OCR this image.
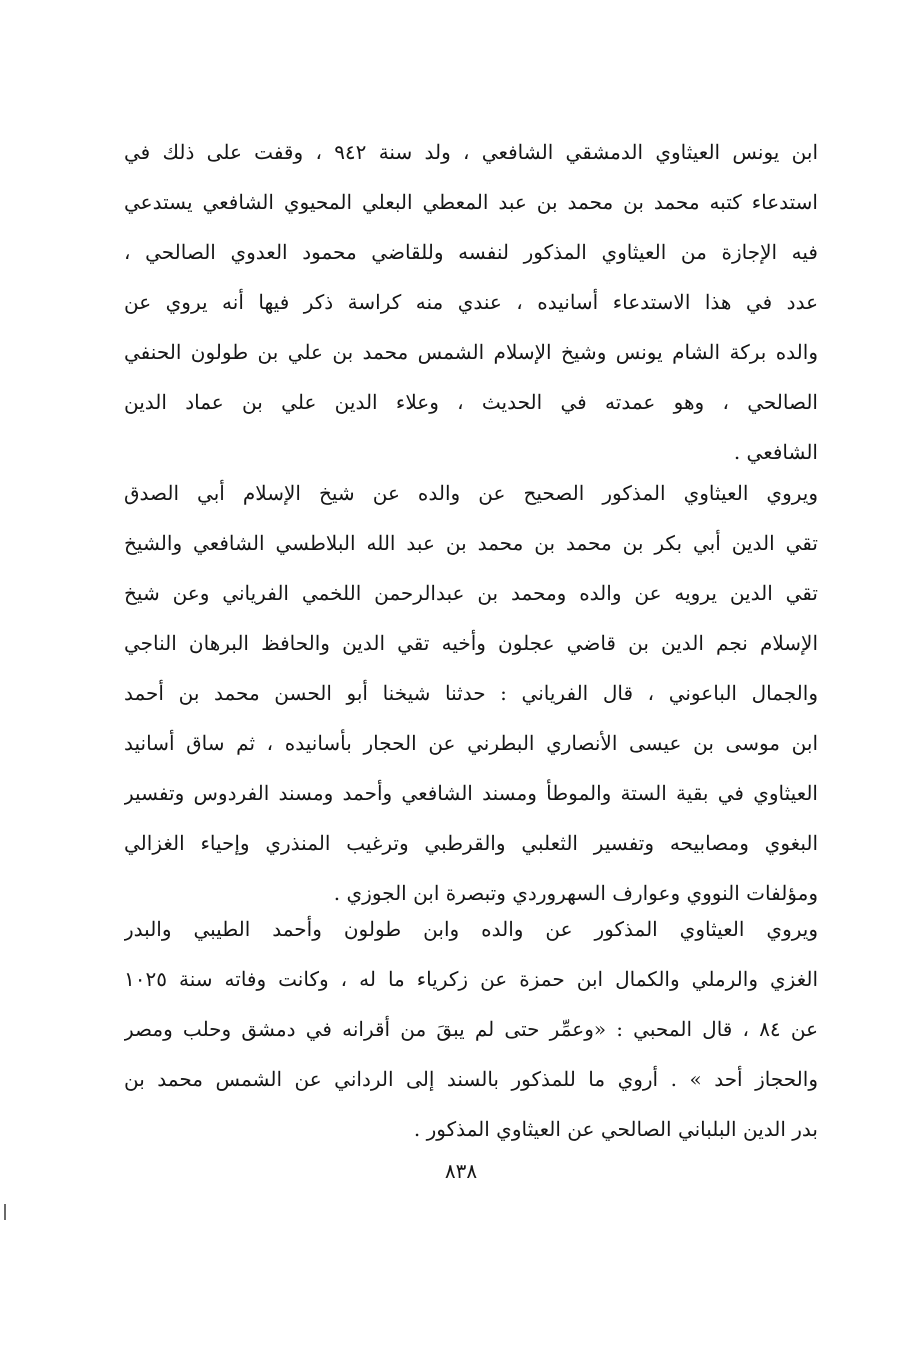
ابن يونس العيثاوي الدمشقي الشافعي ، ولد سنة ٩٤٢ ، وقفت على ذلك في
استدعاء كتبه محمد بن محمد بن عبد المعطي البعلي المحيوي الشافعي يستدعي
فيه الإجازة من العيثاوي المذكور لنفسه وللقاضي محمود العدوي الصالحي ،
عدد في هذا الاستدعاء أسانيده ، عندي منه كراسة ذكر فيها أنه يروي عن
والده بركة الشام يونس وشيخ الإسلام الشمس محمد بن علي بن طولون الحنفي
الصالحي ، وهو عمدته في الحديث ، وعلاء الدين علي بن عماد الدين
الشافعي .
ويروي العيثاوي المذكور الصحيح عن والده عن شيخ الإسلام أبي الصدق
تقي الدين أبي بكر بن محمد بن محمد بن عبد الله البلاطسي الشافعي والشيخ
تقي الدين يرويه عن والده ومحمد بن عبدالرحمن اللخمي الفرياني وعن شيخ
الإسلام نجم الدين بن قاضي عجلون وأخيه تقي الدين والحافظ البرهان الناجي
والجمال الباعوني ، قال الفرياني : حدثنا شيخنا أبو الحسن محمد بن أحمد
ابن موسى بن عيسى الأنصاري البطرني عن الحجار بأسانيده ، ثم ساق أسانيد
العيثاوي في بقية الستة والموطأ ومسند الشافعي وأحمد ومسند الفردوس وتفسير
البغوي ومصابيحه وتفسير الثعلبي والقرطبي وترغيب المنذري وإحياء الغزالي
ومؤلفات النووي وعوارف السهروردي وتبصرة ابن الجوزي .
ويروي العيثاوي المذكور عن والده وابن طولون وأحمد الطيبي والبدر
الغزي والرملي والكمال ابن حمزة عن زكرياء ما له ، وكانت وفاته سنة ١٠٢٥
عن ٨٤ ، قال المحبي : «وعمِّر حتى لم يبقَ من أقرانه في دمشق وحلب ومصر
والحجاز أحد » . أروي ما للمذكور بالسند إلى الرداني عن الشمس محمد بن
بدر الدين البلباني الصالحي عن العيثاوي المذكور .
٨٣٨
